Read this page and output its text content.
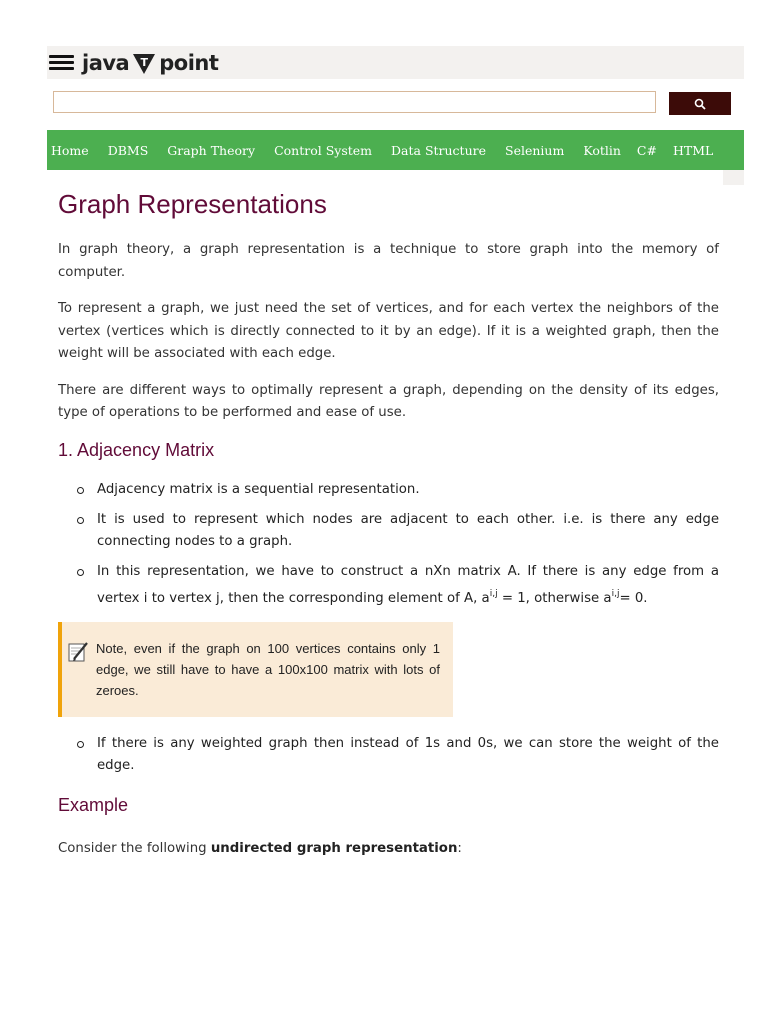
java T point
Home	DBMS	Graph Theory	Control System	Data Structure	Selenium	Kotlin	C#	HTML
Graph Representations

In graph theory, a graph representation is a technique to store graph into the memory of computer.

To represent a graph, we just need the set of vertices, and for each vertex the neighbors of the vertex (vertices which is directly connected to it by an edge). If it is a weighted graph, then the weight will be associated with each edge.

There are different ways to optimally represent a graph, depending on the density of its edges, type of operations to be performed and ease of use.

1. Adjacency Matrix
Adjacency matrix is a sequential representation.
It is used to represent which nodes are adjacent to each other. i.e. is there any edge connecting nodes to a graph.
In this representation, we have to construct a nXn matrix A. If there is any edge from a vertex i to vertex j, then the corresponding element of A, $a^{i,j} = 1$, otherwise $a^{i,j}= 0$.

Note, even if the graph on 100 vertices contains only 1 edge, we still have to have a 100x100 matrix with lots of zeroes.

If there is any weighted graph then instead of 1s and 0s, we can store the weight of the edge.
Example

Consider the following undirected graph representation:
